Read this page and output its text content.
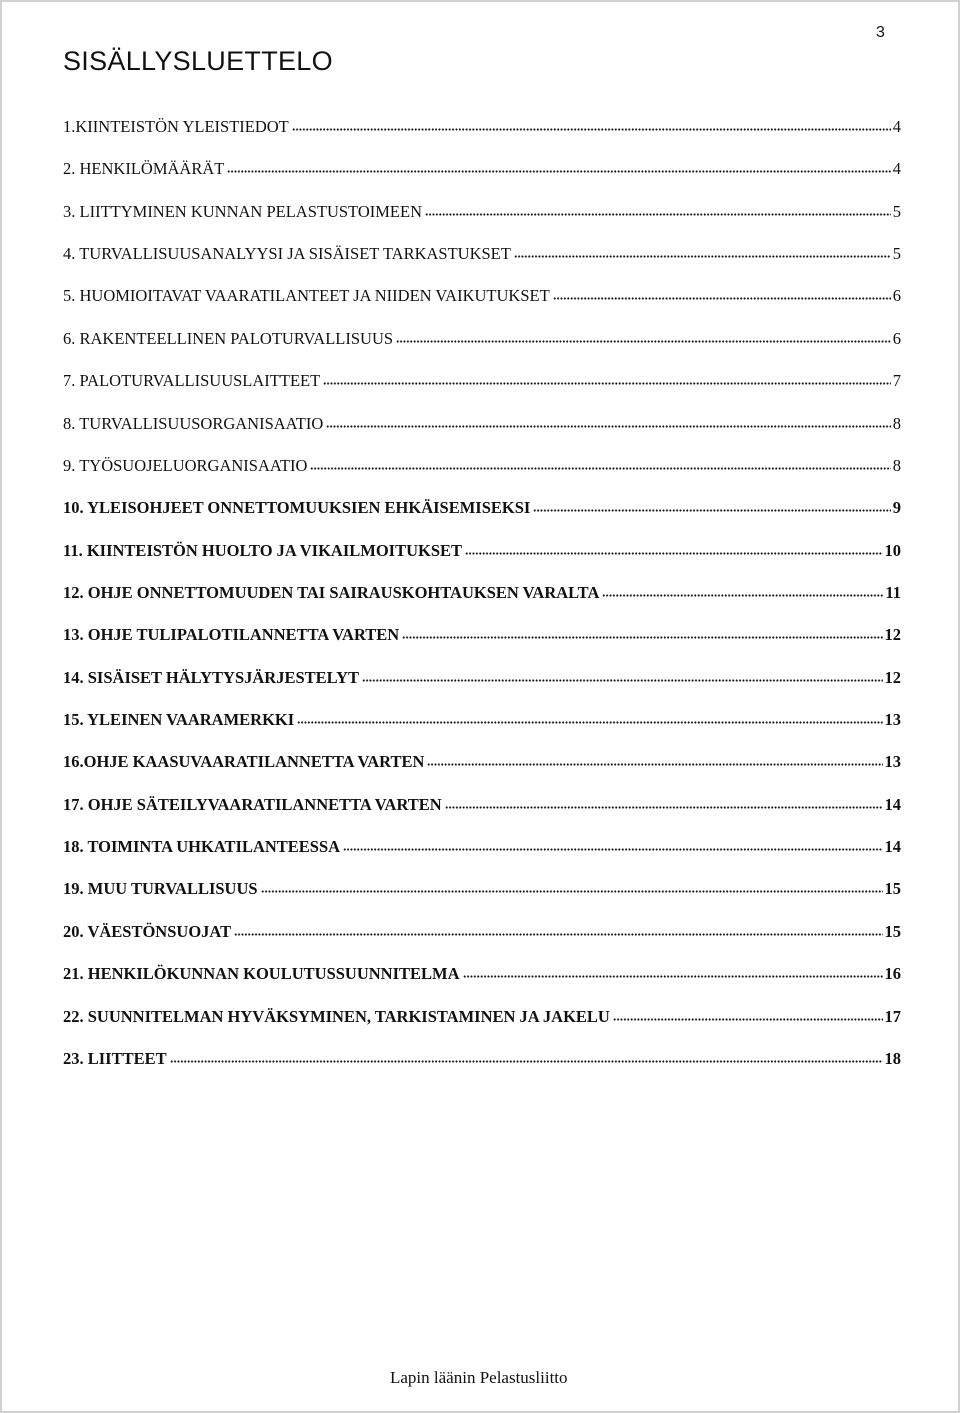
3
SISÄLLYSLUETTELO
1.KIINTEISTÖN YLEISTIEDOT	4
2. HENKILÖMÄÄRÄT	4
3. LIITTYMINEN KUNNAN PELASTUSTOIMEEN	5
4. TURVALLISUUSANALYYSI JA SISÄISET TARKASTUKSET	5
5. HUOMIOITAVAT VAARATILANTEET JA NIIDEN VAIKUTUKSET	6
6. RAKENTEELLINEN PALOTURVALLISUUS	6
7. PALOTURVALLISUUSLAITTEET	7
8. TURVALLISUUSORGANISAATIO	8
9. TYÖSUOJELUORGANISAATIO	8
10. YLEISOHJEET ONNETTOMUUKSIEN EHKÄISEMISEKSI	9
11. KIINTEISTÖN HUOLTO JA VIKAILMOITUKSET	10
12. OHJE ONNETTOMUUDEN TAI SAIRAUSKOHTAUKSEN VARALTA	11
13. OHJE TULIPALOTILANNETTA VARTEN	12
14. SISÄISET HÄLYTYSJÄRJESTELYT	12
15. YLEINEN VAARAMERKKI	13
16.OHJE KAASUVAARATILANNETTA VARTEN	13
17. OHJE SÄTEILYVAARATILANNETTA VARTEN	14
18. TOIMINTA UHKATILANTEESSA	14
19. MUU TURVALLISUUS	15
20. VÄESTÖNSUOJAT	15
21. HENKILÖKUNNAN KOULUTUSSUUNNITELMA	16
22. SUUNNITELMAN HYVÄKSYMINEN, TARKISTAMINEN JA JAKELU	17
23. LIITTEET	18
Lapin läänin Pelastusliitto
